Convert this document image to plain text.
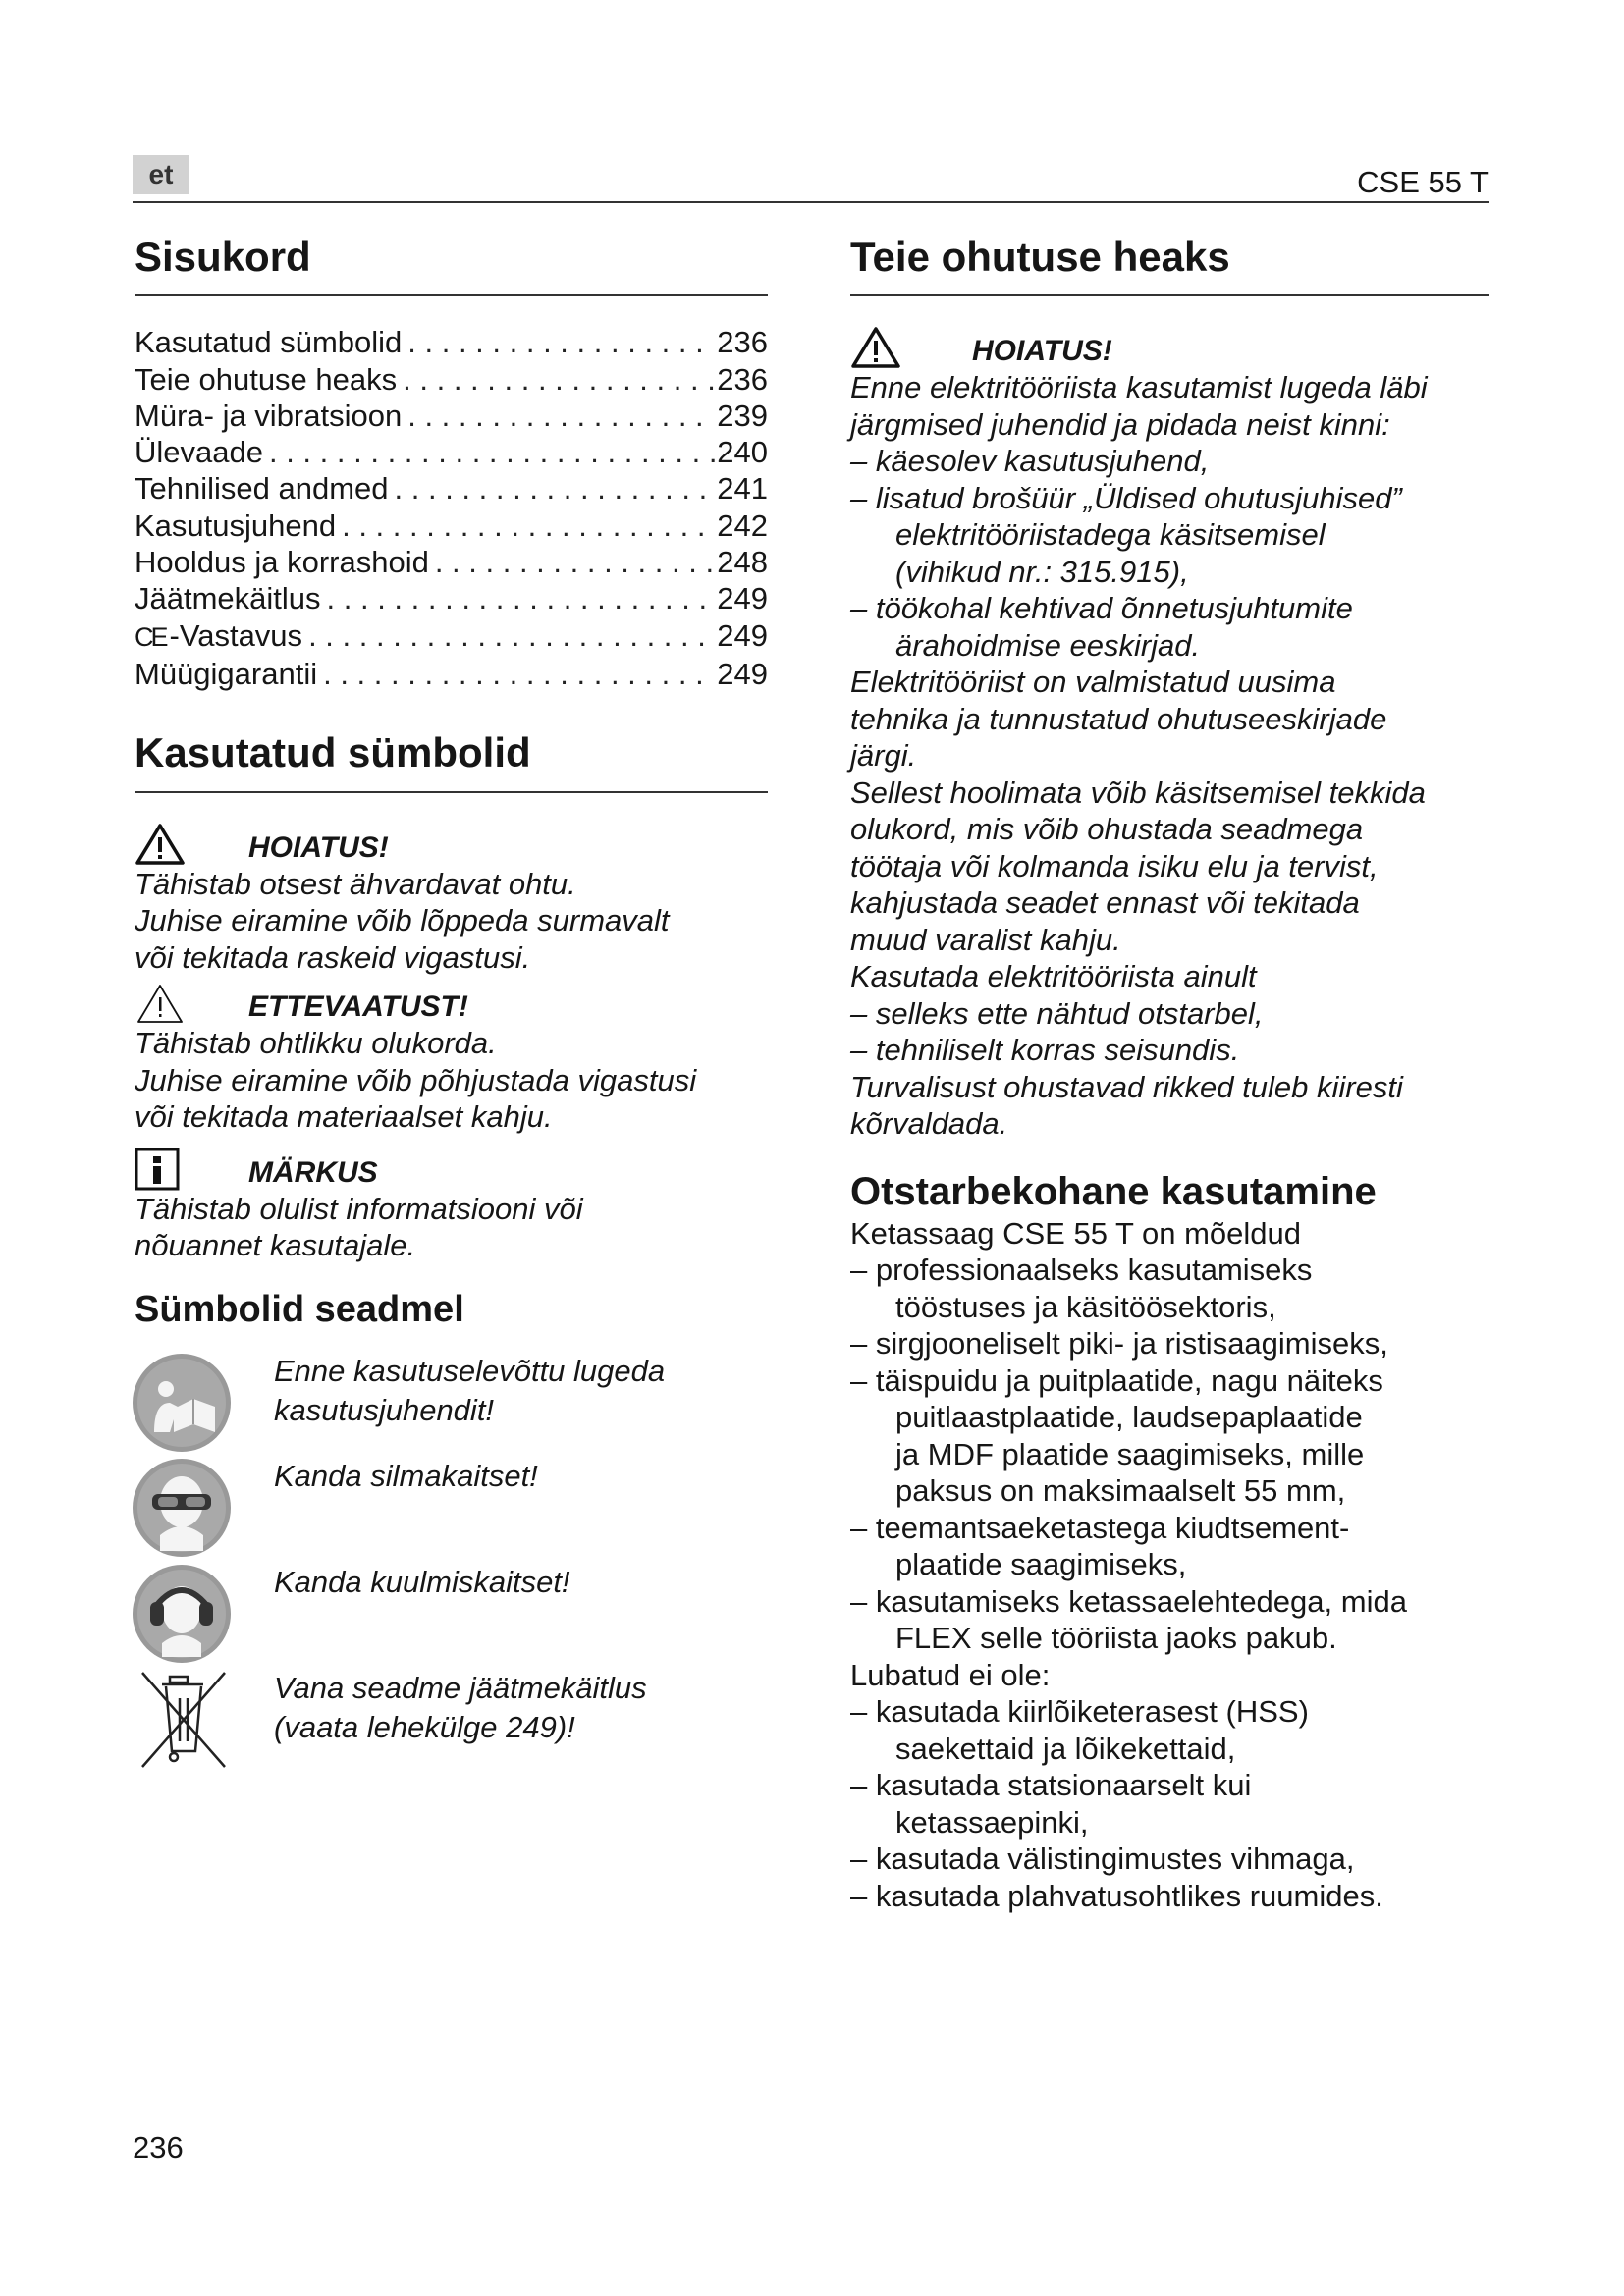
et	CSE 55 T
Sisukord
Kasutatud sümbolid . . .	236
Teie ohutuse heaks . . .	236
Müra- ja vibratsioon . . .	239
Ülevaade . . .	240
Tehnilised andmed . . .	241
Kasutusjuhend . . .	242
Hooldus ja korrashoid . . .	248
Jäätmekäitlus . . .	249
CE -Vastavus . . .	249
Müügigarantii . . .	249
Kasutatud sümbolid
HOIATUS!
Tähistab otsest ähvardavat ohtu.
Juhise eiramine võib lõppeda surmavalt
või tekitada raskeid vigastusi.
ETTEVAATUST!
Tähistab ohtlikku olukorda.
Juhise eiramine võib põhjustada vigastusi
või tekitada materiaalset kahju.
MÄRKUS
Tähistab olulist informatsiooni või
nõuannet kasutajale.
Sümbolid seadmel
Enne kasutuselevõttu lugeda
kasutusjuhendit!
Kanda silmakaitset!
Kanda kuulmiskaitset!
Vana seadme jäätmekäitlus
(vaata lehekülge 249)!
Teie ohutuse heaks
HOIATUS!
Enne elektritööriista kasutamist lugeda läbi järgmised juhendid ja pidada neist kinni:
– käesolev kasutusjuhend,
– lisatud brošüür „Üldised ohutusjuhised”
elektritööriistadega käsitsemisel
(vihikud nr.: 315.915),
– töökohal kehtivad õnnetusjuhtumite
ärahoidmise eeskirjad.
Elektritööriist on valmistatud uusima
tehnika ja tunnustatud ohutuseeskirjade
järgi.
Sellest hoolimata võib käsitsemisel tekkida
olukord, mis võib ohustada seadmega
töötaja või kolmanda isiku elu ja tervist,
kahjustada seadet ennast või tekitada
muud varalist kahju.
Kasutada elektritööriista ainult
– selleks ette nähtud otstarbel,
– tehniliselt korras seisundis.
Turvalisust ohustavad rikked tuleb kiiresti
kõrvaldada.
Otstarbekohane kasutamine
Ketassaag CSE 55 T on mõeldud
– professionaalseks kasutamiseks
tööstuses ja käsitöösektoris,
– sirgjooneliselt piki- ja ristisaagimiseks,
– täispuidu ja puitplaatide, nagu näiteks
puitlaastplaatide, laudsepaplaatide
ja MDF plaatide saagimiseks, mille
paksus on maksimaalselt 55 mm,
– teemantsaeketastega kiudtsement-
plaatide saagimiseks,
– kasutamiseks ketassaelehtedega, mida
FLEX selle tööriista jaoks pakub.
Lubatud ei ole:
– kasutada kiirlõiketerasest (HSS)
saekettaid ja lõikekettaid,
– kasutada statsionaarselt kui
ketassaepinki,
– kasutada välistingimustes vihmaga,
– kasutada plahvatusohtlikes ruumides.
236
